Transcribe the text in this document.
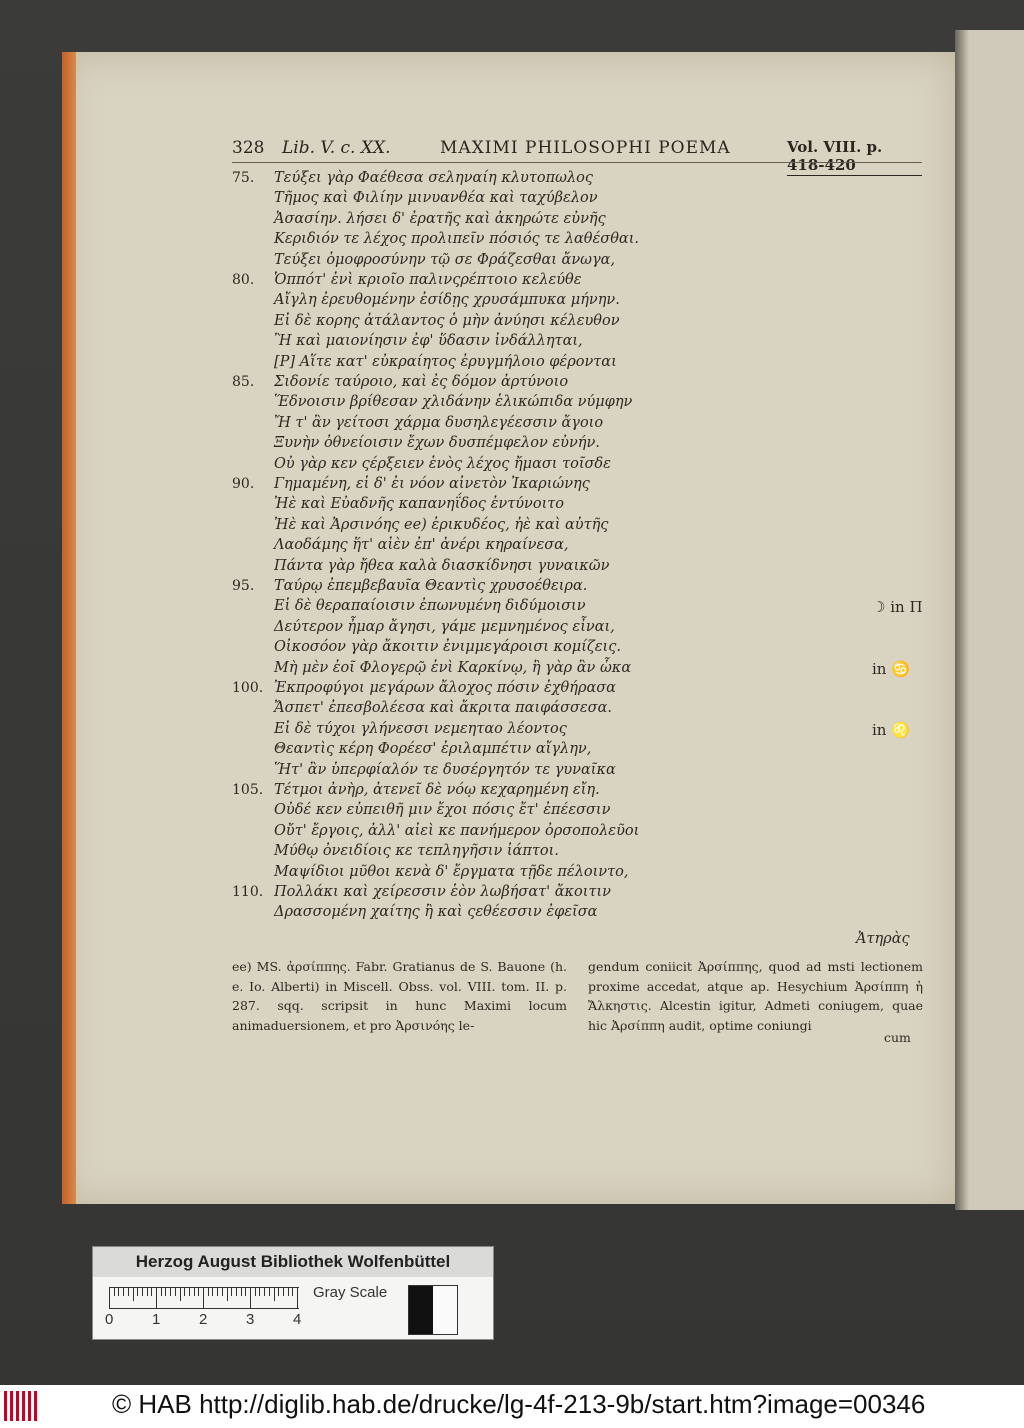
328 Lib. V. c. XX.	MAXIMI PHILOSOPHI POEMA	Vol. VIII. p. 418-420
75. Τεύξει γὰρ Φαέθεσα σεληναίη κλυτοπωλος
Τῆμος καὶ Φιλίην μινυανθέα καὶ ταχύβελον
Ἀσασίην. λήσει δ' ἐρατῆς καὶ ἀκηρώτε εὐνῆς
Κεριδιόν τε λέχος προλιπεῖν πόσιός τε λαθέσθαι.
Τεύξει ὁμοφροσύνην τῷ σε Φράζεσθαι ἄνωγα,
80. Ὁππότ' ἐνὶ κριοῖο παλινςρέπτοιο κελεύθε
Αἴγλη ἐρευθομένην ἐσίδῃς χρυσάμπυκα μήνην.
Εἰ δὲ κορης ἀτάλαντος ὁ μὴν ἀνύησι κέλευθον
Ἢ καὶ μαιονίησιν ἐφ' ὕδασιν ἰνδάλληται,
[P] Αἵτε κατ' εὐκραίητος ἐρυγμήλοιο φέρονται
85. Σιδονίε ταύροιο, καὶ ἐς δόμον ἀρτύνοιο
Ἕδνοισιν βρίθεσαν χλιδάνην ἑλικώπιδα νύμφην
Ἤ τ' ἂν γείτοσι χάρμα δυσηλεγέεσσιν ἄγοιο
Ξυνὴν ὀθνείοισιν ἔχων δυσπέμφελον εὐνήν.
Οὐ γὰρ κεν ςέρξειεν ἑνὸς λέχος ἤμασι τοῖσδε
90. Γημαμένη, εἰ δ' ἐι νόον αἰνετὸν Ἰκαριώνης
Ἠὲ καὶ Εὐαδνῆς καπανηΐδος ἐντύνοιτο
Ἠὲ καὶ Ἀρσινόης ee) ἐρικυδέος, ἠὲ καὶ αὐτῆς
Λαοδάμης ἥτ' αἰὲν ἐπ' ἀνέρι κηραίνεσα,
Πάντα γὰρ ἤθεα καλὰ διασκίδνησι γυναικῶν
95. Ταύρῳ ἐπεμβεβαυῖα Θεαντὶς χρυσοέθειρα.
Εἰ δὲ θεραπαίοισιν ἐπωνυμένη διδύμοισιν	☽ in Π
Δεύτερον ἦμαρ ἄγησι, γάμε μεμνημένος εἶναι,
Οἰκοσόον γὰρ ἄκοιτιν ἐνιμμεγάροισι κομίζεις.
Μὴ μὲν ἐοῖ Φλογερῷ ἐνὶ Καρκίνῳ, ἢ γὰρ ἂν ὦκα	in ♋
100. Ἐκπροφύγοι μεγάρων ἄλοχος πόσιν ἐχθήρασα
Ἄσπετ' ἐπεσβολέεσα καὶ ἄκριτα παιφάσσεσα.
Εἰ δὲ τύχοι γλήνεσσι νεμεηταο λέοντος	in ♌
Θεαντὶς κέρη Φορέεσ' ἐριλαμπέτιν αἴγλην,
Ἥτ' ἂν ὑπερφίαλόν τε δυσέργητόν τε γυναῖκα
105. Τέτμοι ἀνὴρ, ἀτενεῖ δὲ νόῳ κεχαρημένη εἴη.
Οὐδέ κεν εὐπειθῆ μιν ἔχοι πόσις ἔτ' ἐπέεσσιν
Οὔτ' ἔργοις, ἀλλ' αἰεὶ κε πανήμερον ὀρσοπολεῦοι
Μύθῳ ὀνειδίοις κε τεπληγῆσιν ἰάπτοι.
Μαψίδιοι μῦθοι κενὰ δ' ἔργματα τῇδε πέλοιντο,
110. Πολλάκι καὶ χείρεσσιν ἑὸν λωβήσατ' ἄκοιτιν
Δρασσομένη χαίτης ἢ καὶ ςεθέεσσιν ἐφεῖσα
Ἀτηρὰς

ee) MS. ἀρσίππης. Fabr. Gratianus de S. Bauone (h. e. Io. Alberti) in Miscell. Obss. vol. VIII. tom. II. p. 287. sqq. scripsit in hunc Maximi locum animaduersionem, et pro Ἀρσινόης le-

gendum coniicit Ἀρσίππης, quod ad msti lectionem proxime accedat, atque ap. Hesychium Ἀρσίππη ἡ Ἄλκηστις. Alcestin igitur, Admeti coniugem, quae hic Ἀρσίππη audit, optime coniungi

cum
Herzog August Bibliothek Wolfenbüttel
0	1	2	3	4
Gray Scale
© HAB http://diglib.hab.de/drucke/lg-4f-213-9b/start.htm?image=00346
